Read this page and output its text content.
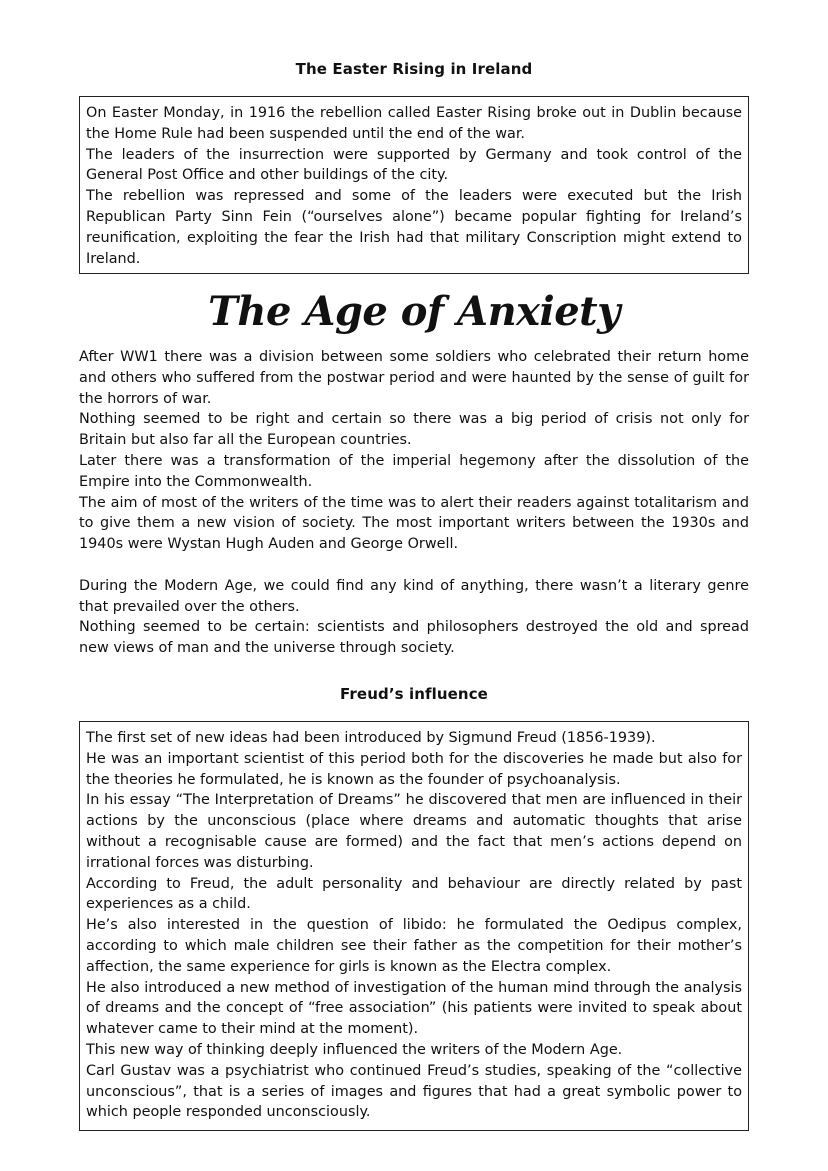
The Easter Rising in Ireland

On Easter Monday, in 1916 the rebellion called Easter Rising broke out in Dublin because the Home Rule had been suspended until the end of the war.

The leaders of the insurrection were supported by Germany and took control of the General Post Office and other buildings of the city.

The rebellion was repressed and some of the leaders were executed but the Irish Republican Party Sinn Fein (“ourselves alone”) became popular fighting for Ireland’s reunification, exploiting the fear the Irish had that military Conscription might extend to Ireland.

The Age of Anxiety

After WW1 there was a division between some soldiers who celebrated their return home and others who suffered from the postwar period and were haunted by the sense of guilt for the horrors of war.

Nothing seemed to be right and certain so there was a big period of crisis not only for Britain but also far all the European countries.

Later there was a transformation of the imperial hegemony after the dissolution of the Empire into the Commonwealth.

The aim of most of the writers of the time was to alert their readers against totalitarism and to give them a new vision of society. The most important writers between the 1930s and 1940s were Wystan Hugh Auden and George Orwell.

During the Modern Age, we could find any kind of anything, there wasn’t a literary genre that prevailed over the others.

Nothing seemed to be certain: scientists and philosophers destroyed the old and spread new views of man and the universe through society.

Freud’s influence

The first set of new ideas had been introduced by Sigmund Freud (1856-1939).

He was an important scientist of this period both for the discoveries he made but also for the theories he formulated, he is known as the founder of psychoanalysis.

In his essay “The Interpretation of Dreams” he discovered that men are influenced in their actions by the unconscious (place where dreams and automatic thoughts that arise without a recognisable cause are formed) and the fact that men’s actions depend on irrational forces was disturbing.

According to Freud, the adult personality and behaviour are directly related by past experiences as a child.

He’s also interested in the question of libido: he formulated the Oedipus complex, according to which male children see their father as the competition for their mother’s affection, the same experience for girls is known as the Electra complex.

He also introduced a new method of investigation of the human mind through the analysis of dreams and the concept of “free association” (his patients were invited to speak about whatever came to their mind at the moment).

This new way of thinking deeply influenced the writers of the Modern Age.

Carl Gustav was a psychiatrist who continued Freud’s studies, speaking of the “collective unconscious”, that is a series of images and figures that had a great symbolic power to which people responded unconsciously.
